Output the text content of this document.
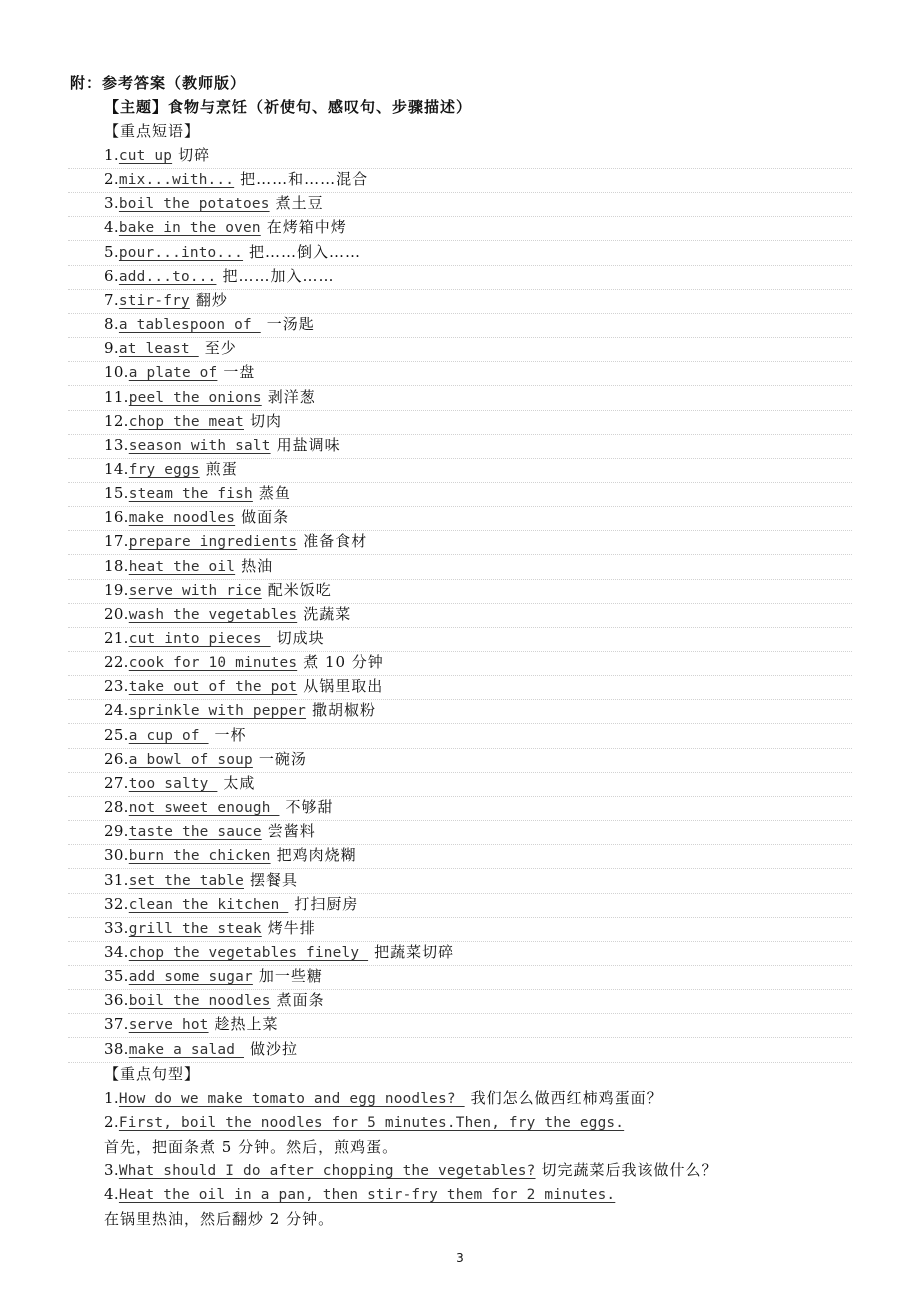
附：参考答案（教师版）
【主题】食物与烹饪（祈使句、感叹句、步骤描述）
【重点短语】
1.cut up 切碎
2.mix...with... 把……和……混合
3.boil the potatoes 煮土豆
4.bake in the oven 在烤箱中烤
5.pour...into... 把……倒入……
6.add...to... 把……加入……
7.stir-fry 翻炒
8.a tablespoon of 一汤匙
9.at least 至少
10.a plate of 一盘
11.peel the onions 剥洋葱
12.chop the meat 切肉
13.season with salt 用盐调味
14.fry eggs 煎蛋
15.steam the fish 蒸鱼
16.make noodles 做面条
17.prepare ingredients 准备食材
18.heat the oil 热油
19.serve with rice 配米饭吃
20.wash the vegetables 洗蔬菜
21.cut into pieces 切成块
22.cook for 10 minutes 煮 10 分钟
23.take out of the pot 从锅里取出
24.sprinkle with pepper 撒胡椒粉
25.a cup of 一杯
26.a bowl of soup 一碗汤
27.too salty 太咸
28.not sweet enough 不够甜
29.taste the sauce 尝酱料
30.burn the chicken 把鸡肉烧糊
31.set the table 摆餐具
32.clean the kitchen 打扫厨房
33.grill the steak 烤牛排
34.chop the vegetables finely 把蔬菜切碎
35.add some sugar 加一些糖
36.boil the noodles 煮面条
37.serve hot 趁热上菜
38.make a salad 做沙拉
【重点句型】
1.How do we make tomato and egg noodles? 我们怎么做西红柿鸡蛋面？
2.First, boil the noodles for 5 minutes.Then, fry the eggs.
首先，把面条煮 5 分钟。然后，煎鸡蛋。
3.What should I do after chopping the vegetables? 切完蔬菜后我该做什么？
4.Heat the oil in a pan, then stir-fry them for 2 minutes.
在锅里热油，然后翻炒 2 分钟。
3
